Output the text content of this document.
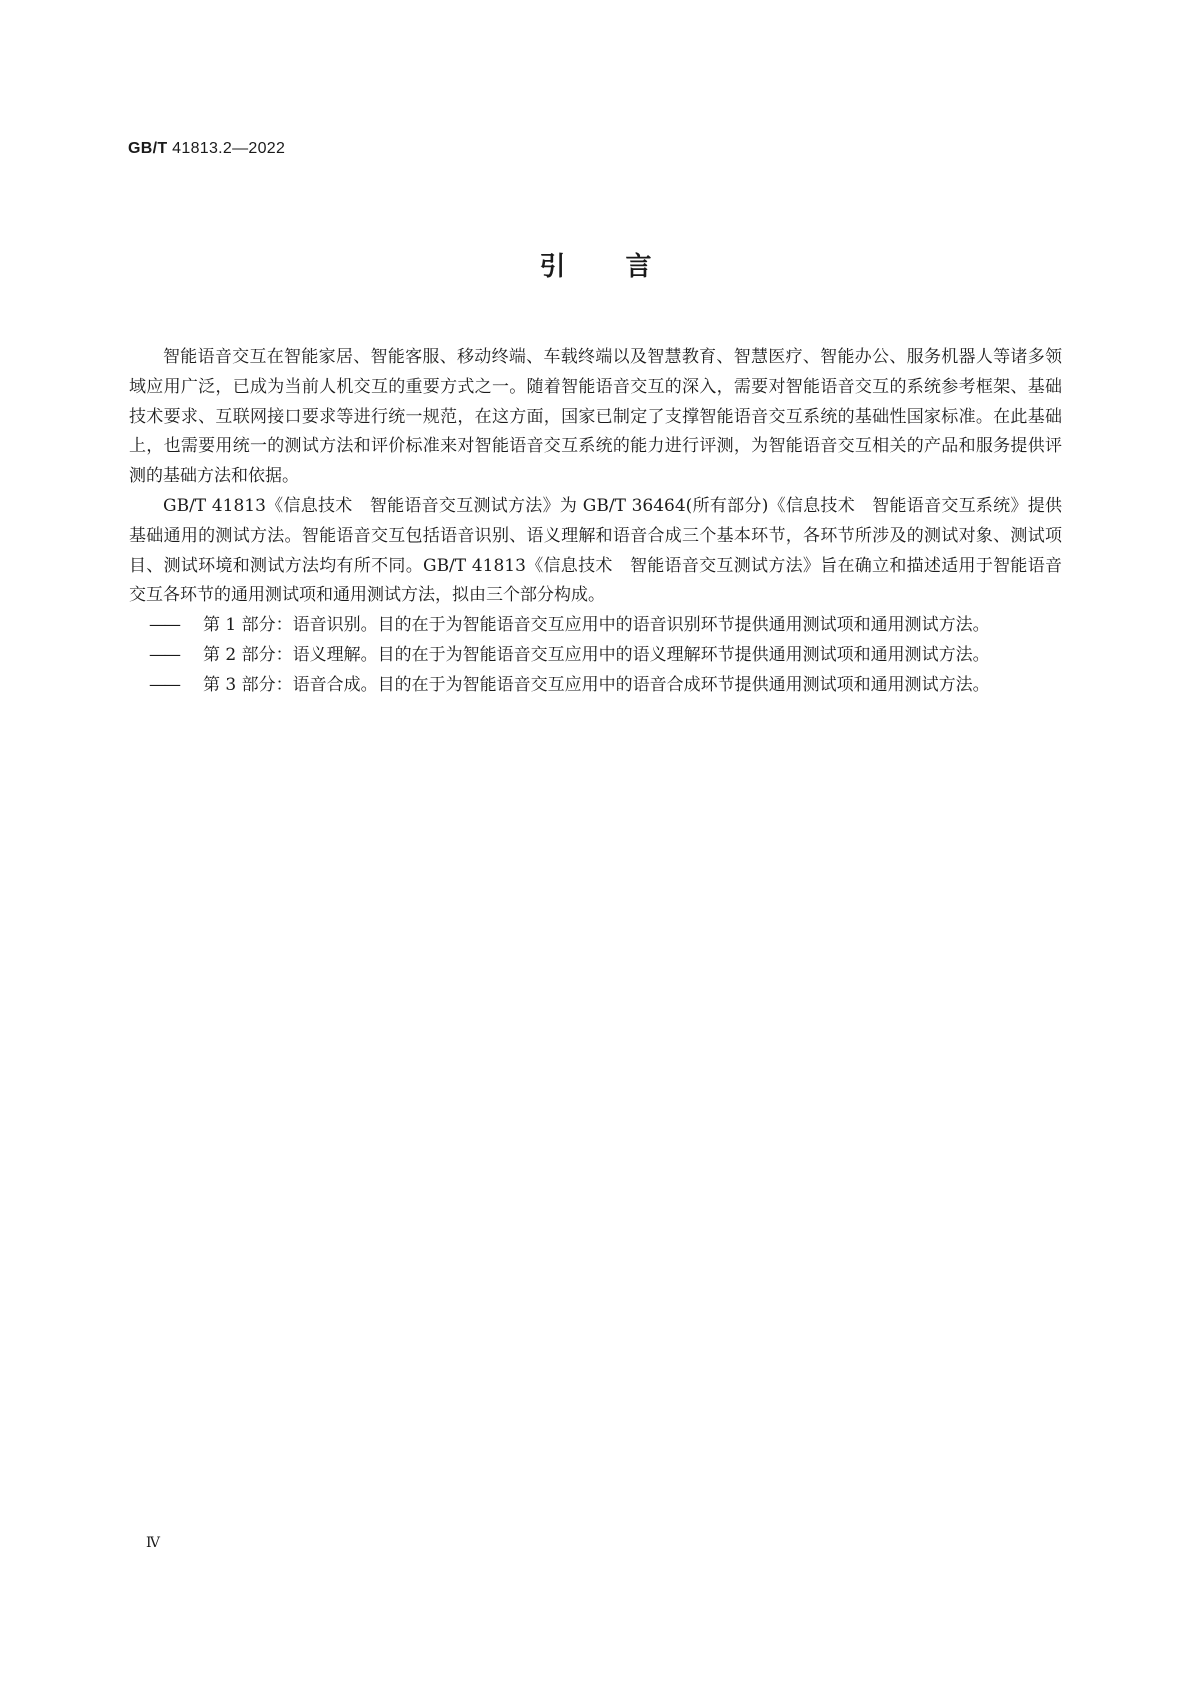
GB/T 41813.2—2022
引言

智能语音交互在智能家居、智能客服、移动终端、车载终端以及智慧教育、智慧医疗、智能办公、服务机器人等诸多领域应用广泛，已成为当前人机交互的重要方式之一。随着智能语音交互的深入，需要对智能语音交互的系统参考框架、基础技术要求、互联网接口要求等进行统一规范，在这方面，国家已制定了支撑智能语音交互系统的基础性国家标准。在此基础上，也需要用统一的测试方法和评价标准来对智能语音交互系统的能力进行评测，为智能语音交互相关的产品和服务提供评测的基础方法和依据。

GB/T 41813《信息技术　智能语音交互测试方法》为 GB/T 36464(所有部分)《信息技术　智能语音交互系统》提供基础通用的测试方法。智能语音交互包括语音识别、语义理解和语音合成三个基本环节，各环节所涉及的测试对象、测试项目、测试环境和测试方法均有所不同。GB/T 41813《信息技术　智能语音交互测试方法》旨在确立和描述适用于智能语音交互各环节的通用测试项和通用测试方法，拟由三个部分构成。

—— 第 1 部分：语音识别。目的在于为智能语音交互应用中的语音识别环节提供通用测试项和通用测试方法。
—— 第 2 部分：语义理解。目的在于为智能语音交互应用中的语义理解环节提供通用测试项和通用测试方法。
—— 第 3 部分：语音合成。目的在于为智能语音交互应用中的语音合成环节提供通用测试项和通用测试方法。
Ⅳ
